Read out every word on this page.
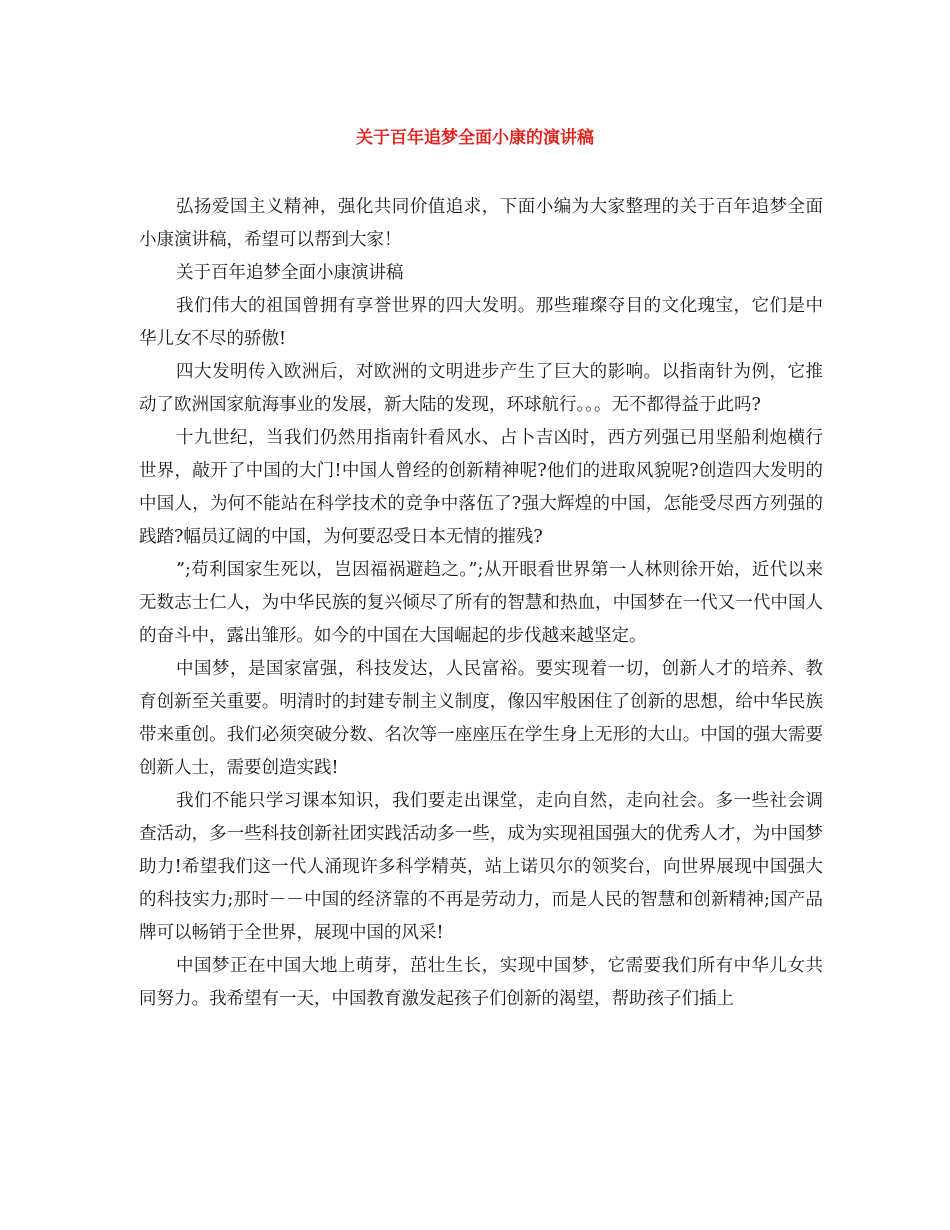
关于百年追梦全面小康的演讲稿

弘扬爱国主义精神，强化共同价值追求，下面小编为大家整理的关于百年追梦全面小康演讲稿，希望可以帮到大家！

关于百年追梦全面小康演讲稿

我们伟大的祖国曾拥有享誉世界的四大发明。那些璀璨夺目的文化瑰宝，它们是中华儿女不尽的骄傲!

四大发明传入欧洲后，对欧洲的文明进步产生了巨大的影响。以指南针为例，它推动了欧洲国家航海事业的发展，新大陆的发现，环球航行。。。无不都得益于此吗?

十九世纪，当我们仍然用指南针看风水、占卜吉凶时，西方列强已用坚船利炮横行世界，敲开了中国的大门!中国人曾经的创新精神呢?他们的进取风貌呢?创造四大发明的中国人，为何不能站在科学技术的竞争中落伍了?强大辉煌的中国，怎能受尽西方列强的践踏?幅员辽阔的中国，为何要忍受日本无情的摧残?

”;苟利国家生死以，岂因福祸避趋之。”;从开眼看世界第一人林则徐开始，近代以来无数志士仁人，为中华民族的复兴倾尽了所有的智慧和热血，中国梦在一代又一代中国人的奋斗中，露出雏形。如今的中国在大国崛起的步伐越来越坚定。

中国梦，是国家富强，科技发达，人民富裕。要实现着一切，创新人才的培养、教育创新至关重要。明清时的封建专制主义制度，像囚牢般困住了创新的思想，给中华民族带来重创。我们必须突破分数、名次等一座座压在学生身上无形的大山。中国的强大需要创新人士，需要创造实践!

我们不能只学习课本知识，我们要走出课堂，走向自然，走向社会。多一些社会调查活动，多一些科技创新社团实践活动多一些，成为实现祖国强大的优秀人才，为中国梦助力!希望我们这一代人涌现许多科学精英，站上诺贝尔的领奖台，向世界展现中国强大的科技实力;那时－－中国的经济靠的不再是劳动力，而是人民的智慧和创新精神;国产品牌可以畅销于全世界，展现中国的风采!

中国梦正在中国大地上萌芽，茁壮生长，实现中国梦，它需要我们所有中华儿女共同努力。我希望有一天，中国教育激发起孩子们创新的渴望，帮助孩子们插上
